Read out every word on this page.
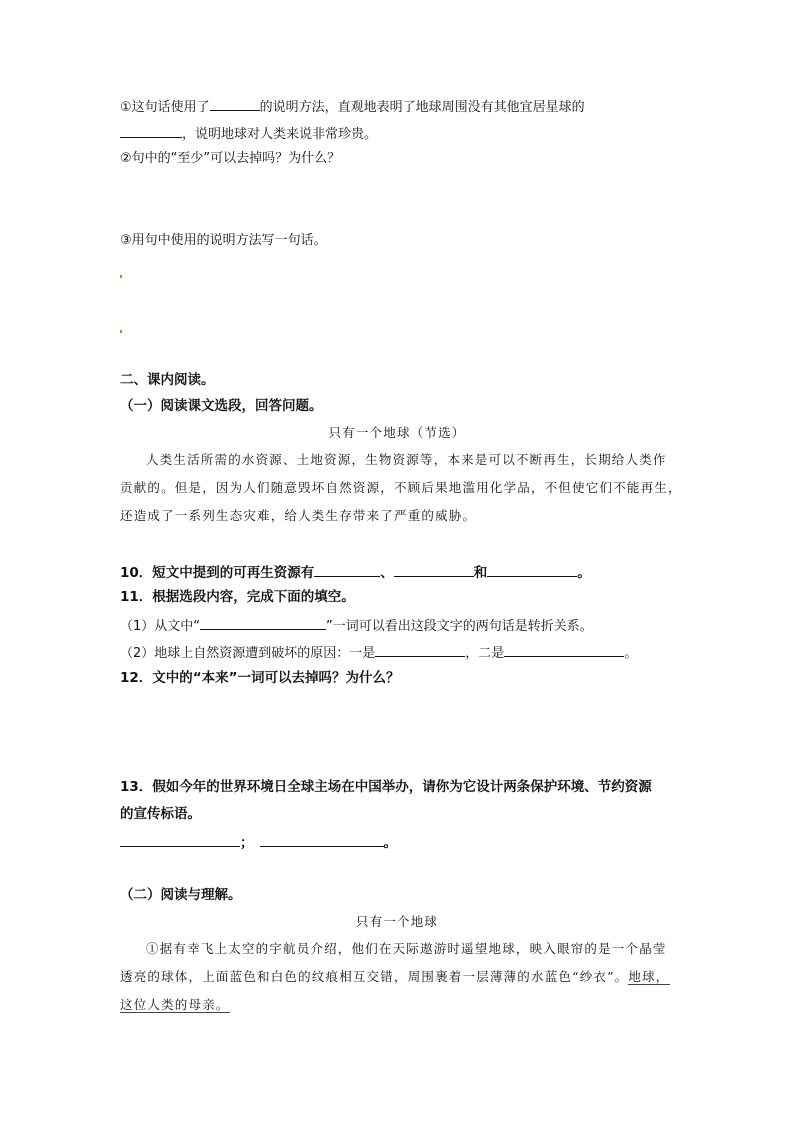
①这句话使用了	的说明方法，直观地表明了地球周围没有其他宜居星球的
，说明地球对人类来说非常珍贵。
②句中的“至少”可以去掉吗？为什么？
③用句中使用的说明方法写一句话。
二、课内阅读。
（一）阅读课文选段，回答问题。
只有一个地球（节选）
人类生活所需的水资源、土地资源，生物资源等，本来是可以不断再生，长期给人类作
贡献的。但是，因为人们随意毁坏自然资源，不顾后果地滥用化学品，不但使它们不能再生，
还造成了一系列生态灾难，给人类生存带来了严重的威胁。
10．短文中提到的可再生资源有	、	和	。
11．根据选段内容，完成下面的填空。
（1）从文中“	”一词可以看出这段文字的两句话是转折关系。
（2）地球上自然资源遭到破坏的原因：一是	，二是	。
12．文中的“本来”一词可以去掉吗？为什么？
13．假如今年的世界环境日全球主场在中国举办，请你为它设计两条保护环境、节约资源
的宣传标语。
；	。
（二）阅读与理解。
只有一个地球
①据有幸飞上太空的宇航员介绍，他们在天际遨游时遥望地球，映入眼帘的是一个晶莹
透亮的球体，上面蓝色和白色的纹痕相互交错，周围裹着一层薄薄的水蓝色“纱衣”。地球，
这位人类的母亲。
